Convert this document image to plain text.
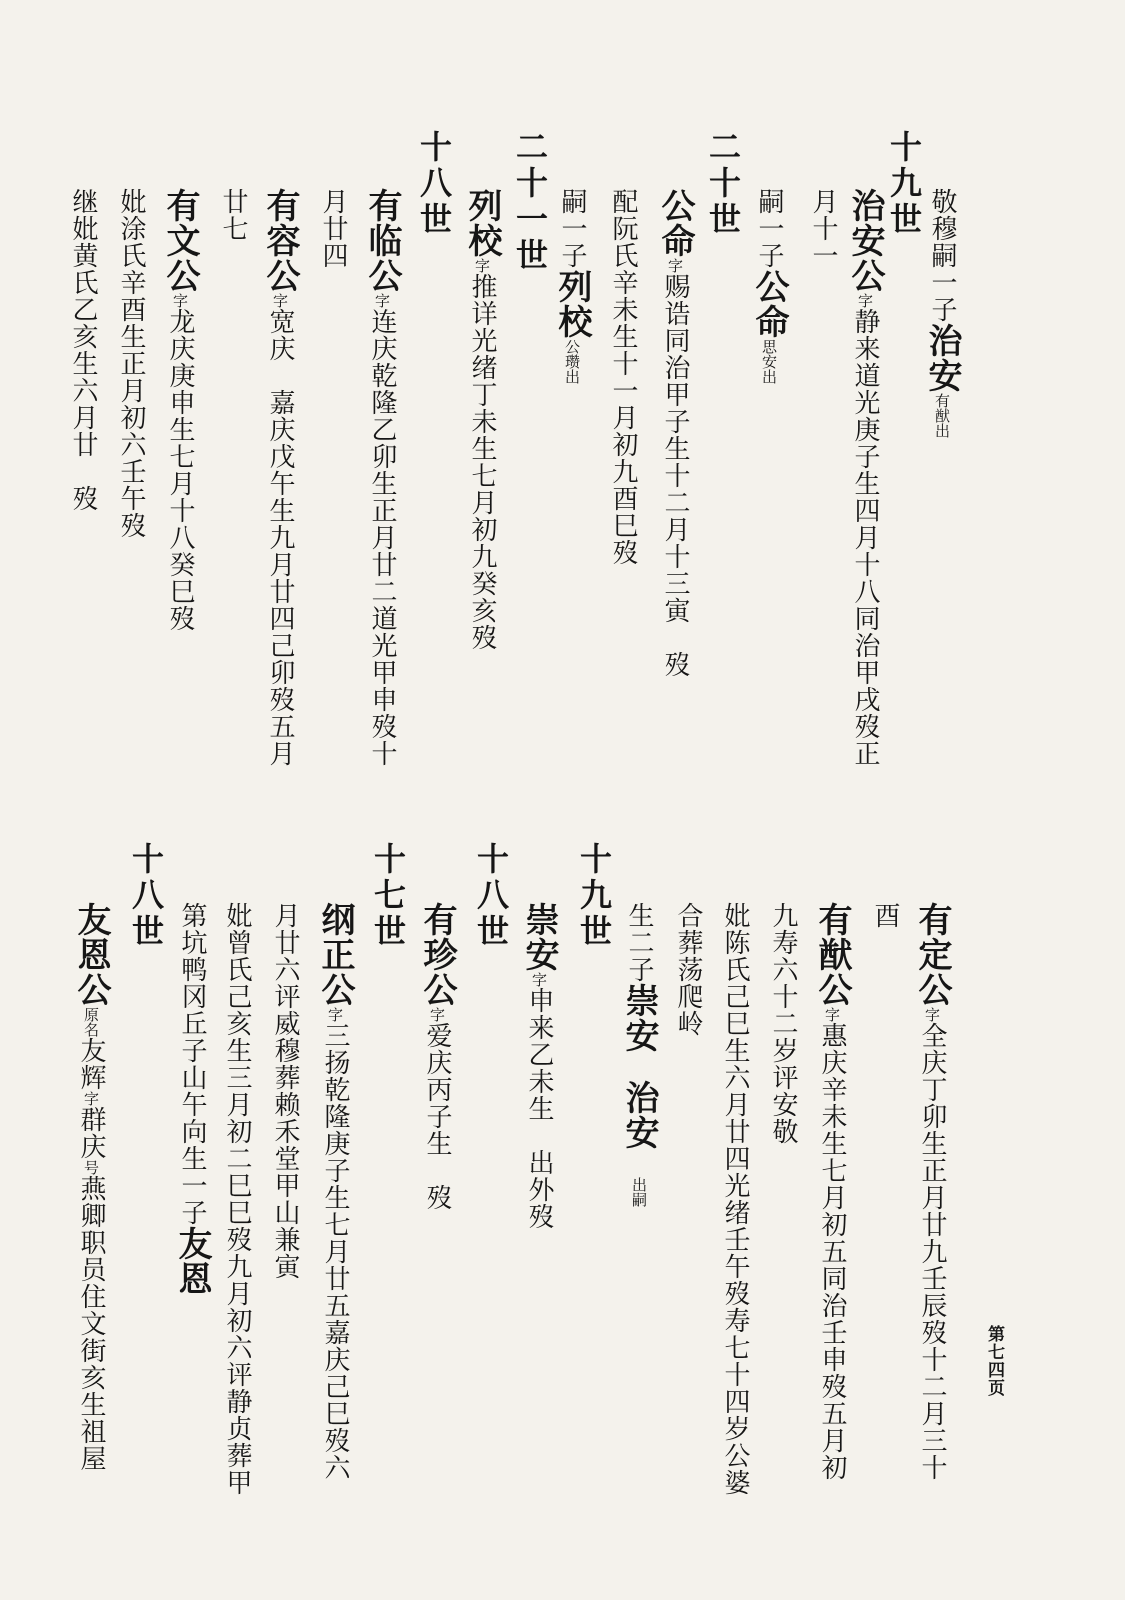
第七四页
敬穆嗣一子治安有猷出
十九世
治安公字静来道光庚子生四月十八同治甲戌歿正
月十一
嗣一子公命思安出
二十世
公命字赐诰同治甲子生十二月十三寅　歿
配阮氏辛未生十一月初九酉巳歿
嗣一子列校公瓒出
二十一世
列校字推详光绪丁未生七月初九癸亥歿
十八世
有临公字连庆乾隆乙卯生正月廿二道光甲申歿十
月廿四
有容公字宽庆　嘉庆戊午生九月廿四己卯歿五月
廿七
有文公字龙庆庚申生七月十八癸巳歿
妣涂氏辛酉生正月初六壬午歿
继妣黄氏乙亥生六月廿　歿
有定公字全庆丁卯生正月廿九壬辰歿十二月三十
酉
有猷公字惠庆辛未生七月初五同治壬申歿五月初
九寿六十二岁评安敬
妣陈氏己巳生六月廿四光绪壬午歿寿七十四岁公婆
合葬荡爬岭
生二子崇安　治安　出嗣
十九世
崇安字申来乙未生　出外歿
十八世
有珍公字爱庆丙子生　歿
十七世
纲正公字三扬乾隆庚子生七月廿五嘉庆己巳歿六
月廿六评威穆葬赖禾堂甲山兼寅
妣曾氏己亥生三月初二巳巳歿九月初六评静贞葬甲
第坑鸭冈丘子山午向生一子友恩
十八世
友恩公原名友辉字群庆号燕卿职员住文街亥生祖屋
